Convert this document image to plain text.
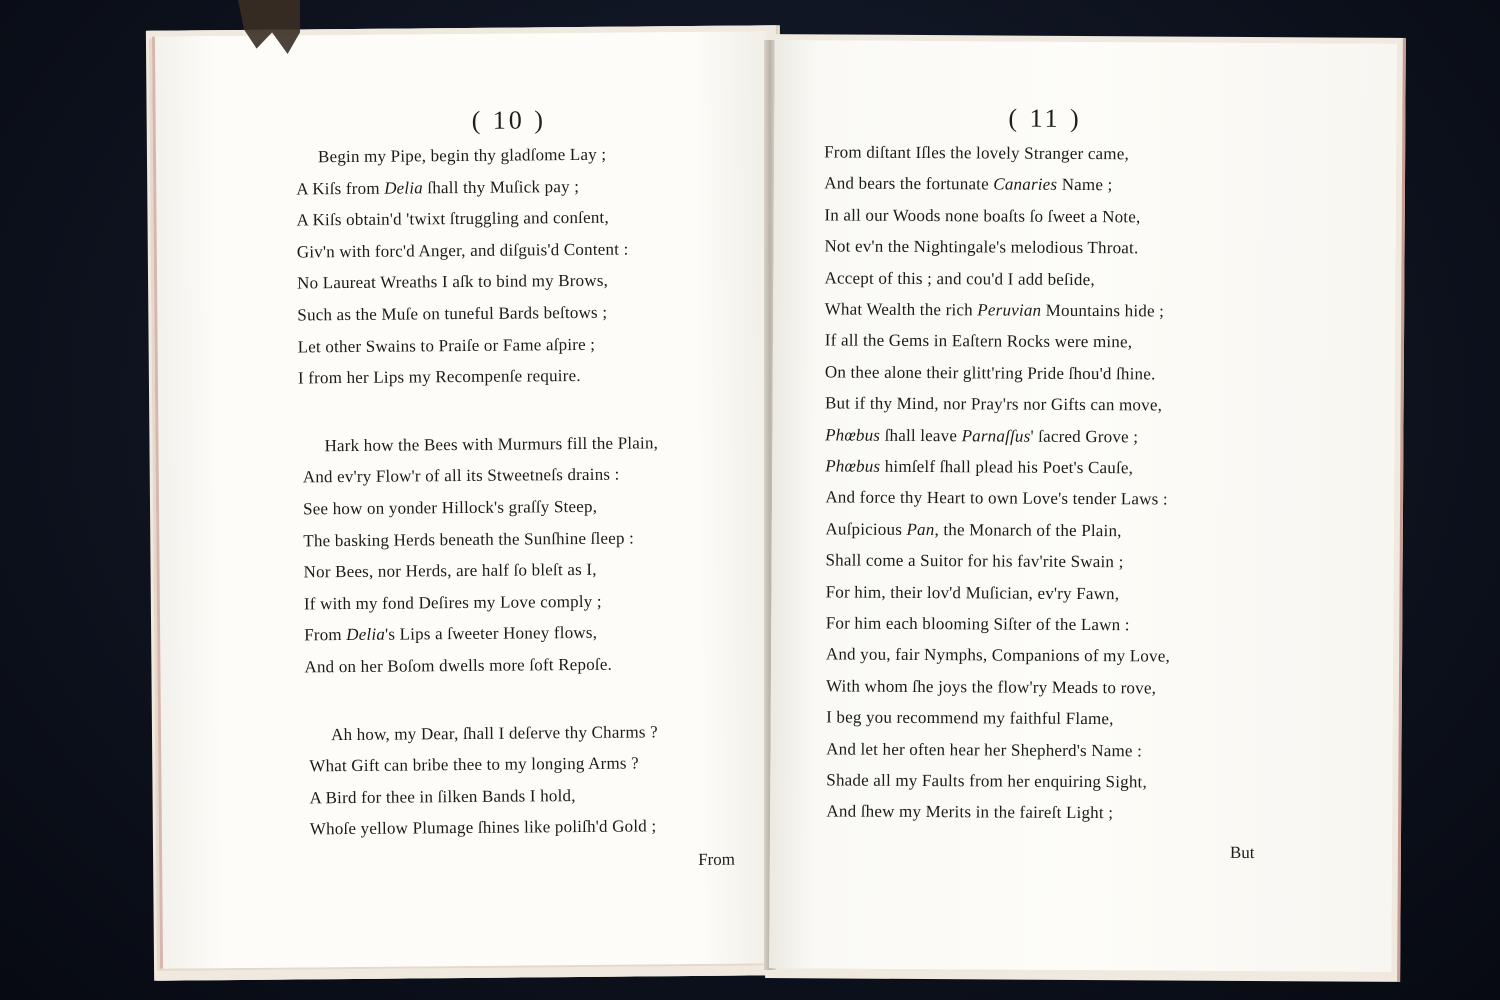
( 10 )
Begin my Pipe, begin thy gladſome Lay ;
A Kiſs from Delia ſhall thy Muſick pay ;
A Kiſs obtain'd 'twixt ſtruggling and conſent,
Giv'n with forc'd Anger, and diſguis'd Content :
No Laureat Wreaths I aſk to bind my Brows,
Such as the Muſe on tuneful Bards beſtows ;
Let other Swains to Praiſe or Fame aſpire ;
I from her Lips my Recompenſe require.
Hark how the Bees with Murmurs fill the Plain,
And ev'ry Flow'r of all its Stweetneſs drains :
See how on yonder Hillock's graſſy Steep,
The basking Herds beneath the Sunſhine ſleep :
Nor Bees, nor Herds, are half ſo bleſt as I,
If with my fond Deſires my Love comply ;
From Delia's Lips a ſweeter Honey flows,
And on her Boſom dwells more ſoft Repoſe.
Ah how, my Dear, ſhall I deſerve thy Charms ?
What Gift can bribe thee to my longing Arms ?
A Bird for thee in ſilken Bands I hold,
Whoſe yellow Plumage ſhines like poliſh'd Gold ;
From
( 11 )
From diſtant Iſles the lovely Stranger came,
And bears the fortunate Canaries Name ;
In all our Woods none boaſts ſo ſweet a Note,
Not ev'n the Nightingale's melodious Throat.
Accept of this ; and cou'd I add beſide,
What Wealth the rich Peruvian Mountains hide ;
If all the Gems in Eaſtern Rocks were mine,
On thee alone their glitt'ring Pride ſhou'd ſhine.
But if thy Mind, nor Pray'rs nor Gifts can move,
Phœbus ſhall leave Parnaſſus' ſacred Grove ;
Phœbus himſelf ſhall plead his Poet's Cauſe,
And force thy Heart to own Love's tender Laws :
Auſpicious Pan, the Monarch of the Plain,
Shall come a Suitor for his fav'rite Swain ;
For him, their lov'd Muſician, ev'ry Fawn,
For him each blooming Siſter of the Lawn :
And you, fair Nymphs, Companions of my Love,
With whom ſhe joys the flow'ry Meads to rove,
I beg you recommend my faithful Flame,
And let her often hear her Shepherd's Name :
Shade all my Faults from her enquiring Sight,
And ſhew my Merits in the faireſt Light ;
But
